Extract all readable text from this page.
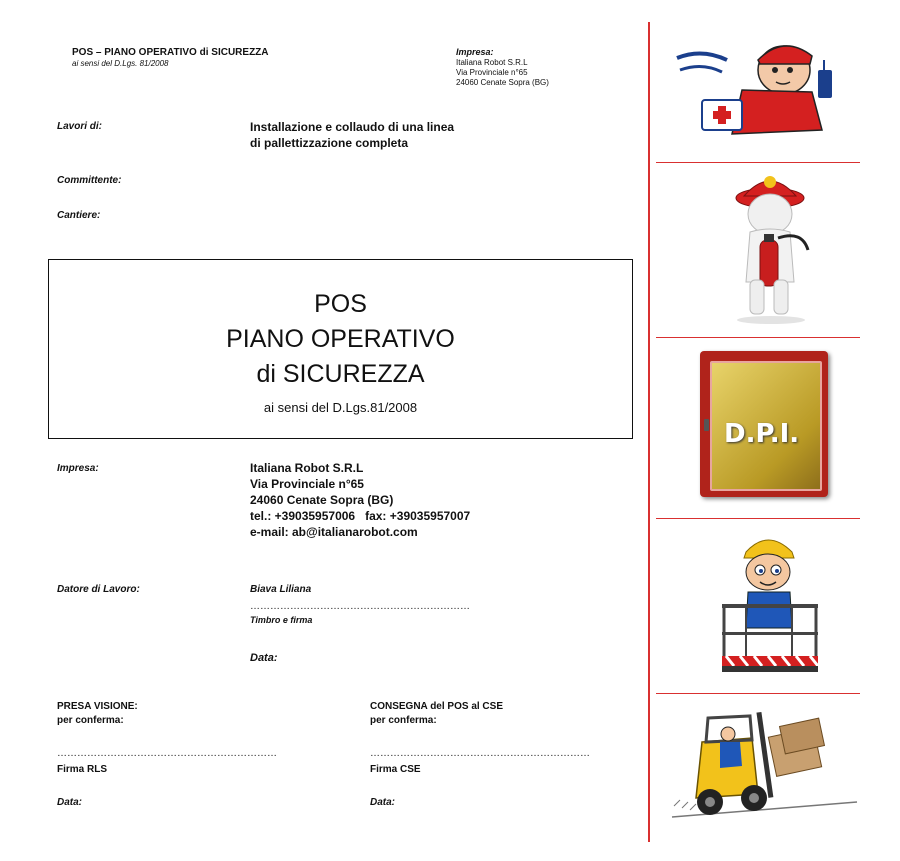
POS – PIANO OPERATIVO di SICUREZZA
ai sensi del D.Lgs. 81/2008
Impresa:
Italiana Robot S.R.L
Via Provinciale n°65
24060 Cenate Sopra (BG)
Lavori di:	Installazione e collaudo di una linea
di pallettizzazione completa
Committente:
Cantiere:
POS
PIANO OPERATIVO
di SICUREZZA
ai sensi del D.Lgs.81/2008
Impresa:	Italiana Robot S.R.L
Via Provinciale n°65
24060 Cenate Sopra (BG)
tel.: +39035957006   fax: +39035957007
e-mail: ab@italianarobot.com
Datore di Lavoro:	Biava Liliana
…………………………………………………………
Timbro e firma
Data:
PRESA VISIONE:
per conferma:
…………………………………………………………
Firma RLS
Data:
CONSEGNA del POS al CSE
per conferma:
…………………………………………………………
Firma CSE
Data:
D.P.I.
